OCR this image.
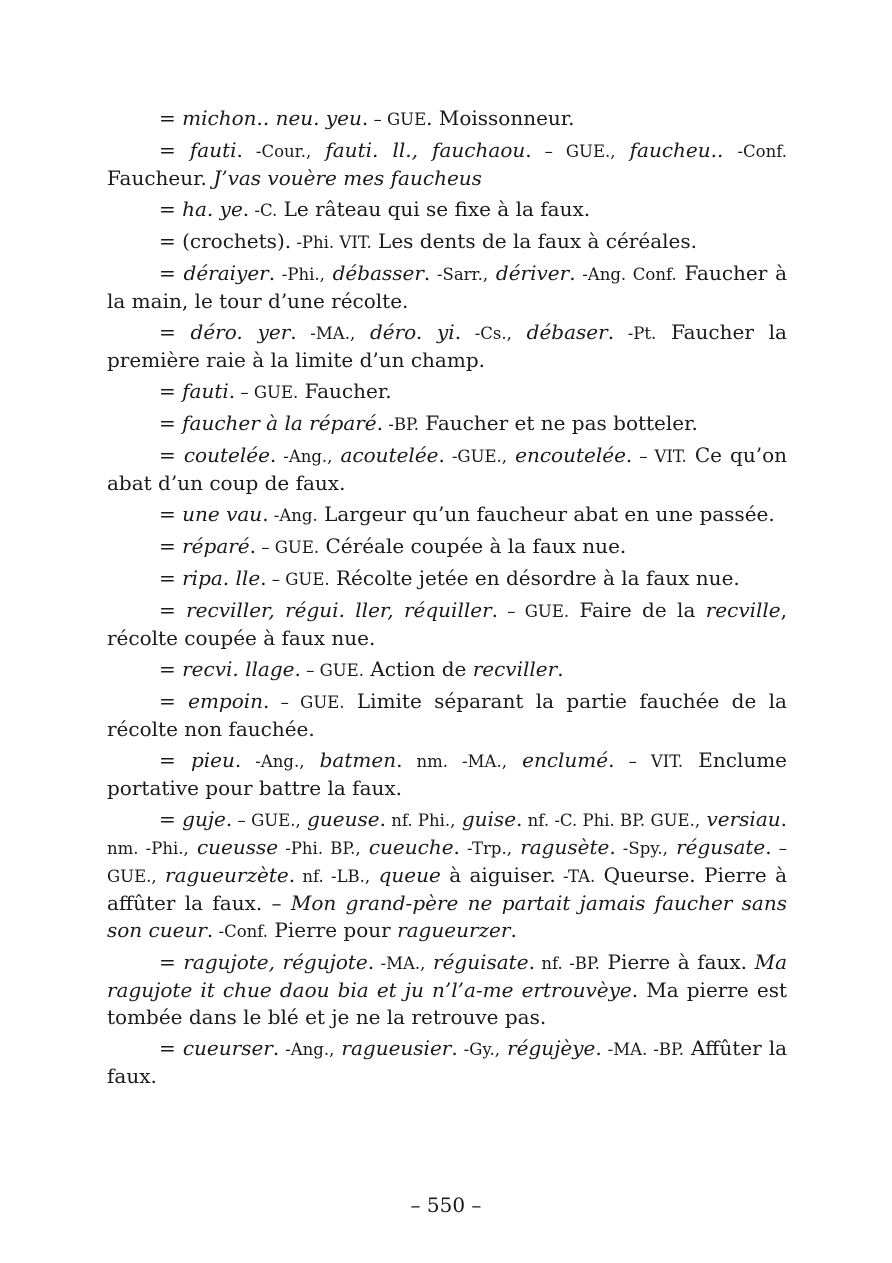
= michon.. neu. yeu. – GUE. Moissonneur.

= fauti. -Cour., fauti. ll., fauchaou. – GUE., faucheu.. -Conf. Faucheur. J’vas vouère mes faucheus

= ha. ye. -C. Le râteau qui se fixe à la faux.

= (crochets). -Phi. VIT. Les dents de la faux à céréales.

= déraiyer. -Phi., débasser. -Sarr., dériver. -Ang. Conf. Faucher à la main, le tour d’une récolte.

= déro. yer. -MA., déro. yi. -Cs., débaser. -Pt. Faucher la première raie à la limite d’un champ.

= fauti. – GUE. Faucher.

= faucher à la réparé. -BP. Faucher et ne pas botteler.

= coutelée. -Ang., acoutelée. -GUE., encoutelée. – VIT. Ce qu’on abat d’un coup de faux.

= une vau. -Ang. Largeur qu’un faucheur abat en une passée.

= réparé. – GUE. Céréale coupée à la faux nue.

= ripa. lle. – GUE. Récolte jetée en désordre à la faux nue.

= recviller, régui. ller, réquiller. – GUE. Faire de la recville, récolte coupée à faux nue.

= recvi. llage. – GUE. Action de recviller.

= empoin. – GUE. Limite séparant la partie fauchée de la récolte non fauchée.

= pieu. -Ang., batmen. nm. -MA., enclumé. – VIT. Enclume portative pour battre la faux.

= guje. – GUE., gueuse. nf. Phi., guise. nf. -C. Phi. BP. GUE., versiau. nm. -Phi., cueusse -Phi. BP., cueuche. -Trp., ragusète. -Spy., régusate. – GUE., ragueurzète. nf. -LB., queue à aiguiser. -TA. Queurse. Pierre à affûter la faux. – Mon grand-père ne partait jamais faucher sans son cueur. -Conf. Pierre pour ragueurzer.

= ragujote, régujote. -MA., réguisate. nf. -BP. Pierre à faux. Ma ragujote it chue daou bia et ju n’l’a-me ertrouvèye. Ma pierre est tombée dans le blé et je ne la retrouve pas.

= cueurser. -Ang., ragueusier. -Gy., régujèye. -MA. -BP. Affûter la faux.

– 550 –
